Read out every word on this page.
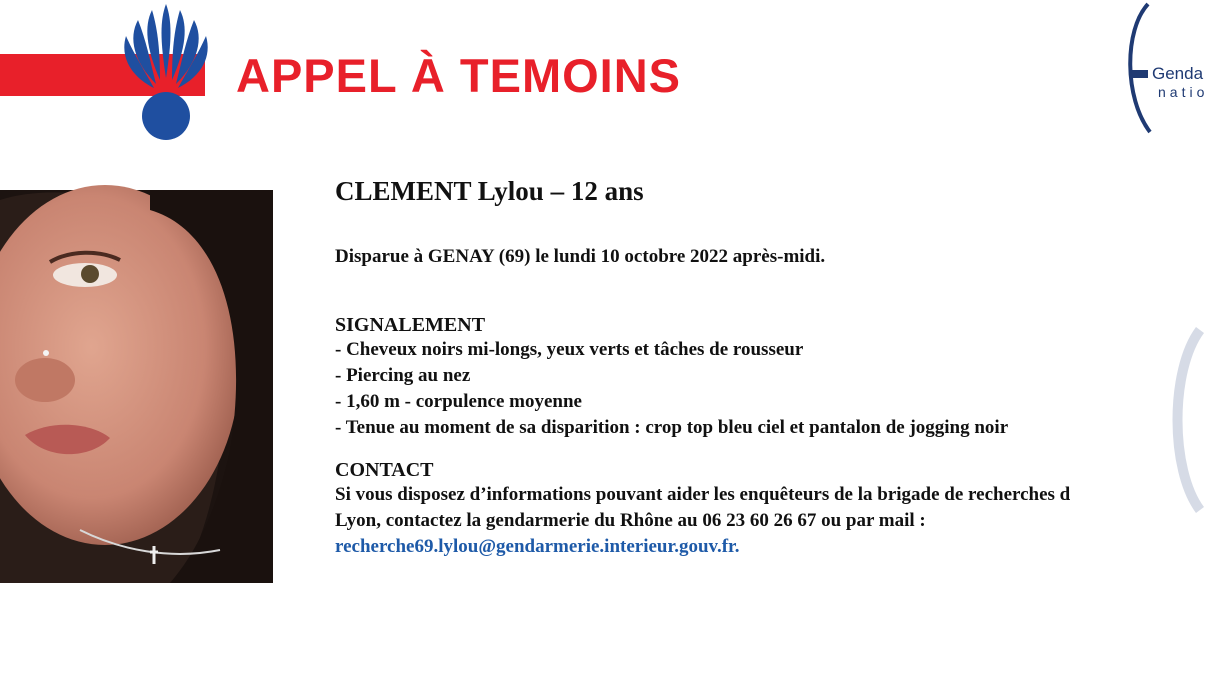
APPEL À TEMOINS	Genda
natio
CLEMENT Lylou – 12 ans
Disparue à GENAY (69) le lundi 10 octobre 2022 après-midi.
SIGNALEMENT
- Cheveux noirs mi-longs, yeux verts et tâches de rousseur
- Piercing au nez
- 1,60 m - corpulence moyenne
- Tenue au moment de sa disparition : crop top bleu ciel et pantalon de jogging noir
CONTACT
Si vous disposez d’informations pouvant aider les enquêteurs de la brigade de recherches d
Lyon, contactez la gendarmerie du Rhône au 06 23 60 26 67 ou par mail :
recherche69.lylou@gendarmerie.interieur.gouv.fr.
